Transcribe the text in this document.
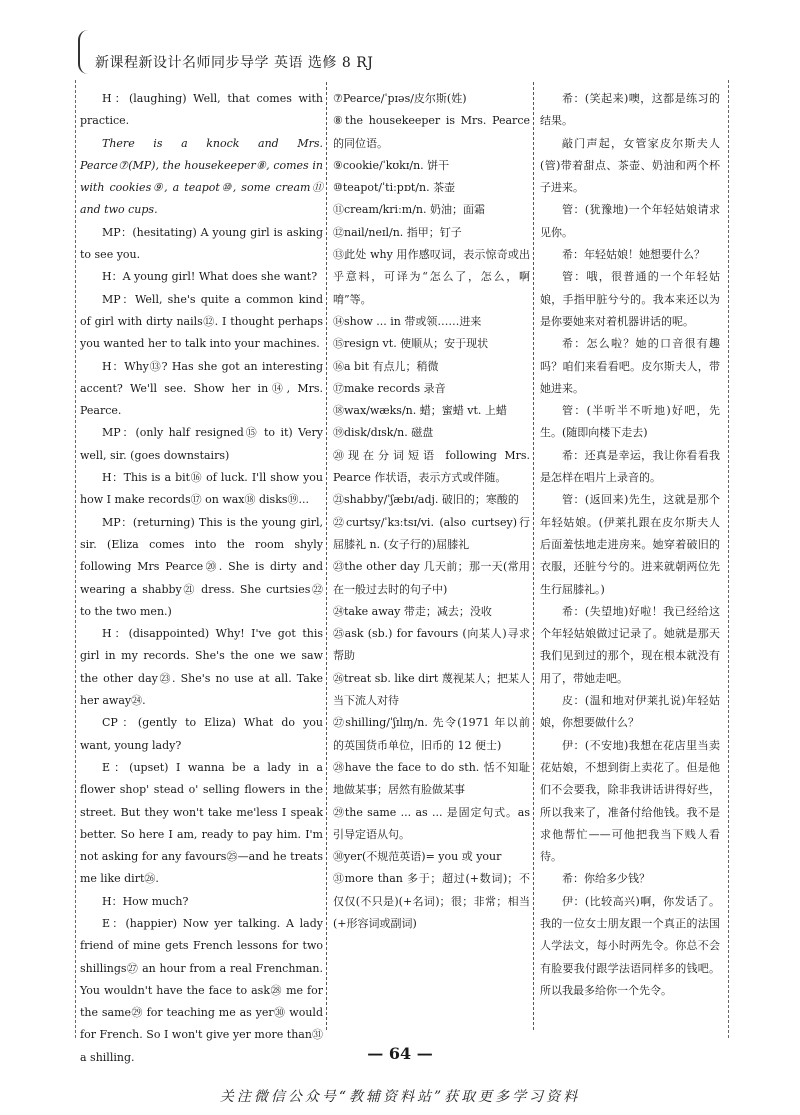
新课程新设计名师同步导学 英语 选修 8 RJ

H：(laughing) Well, that comes with practice.

There is a knock and Mrs. Pearce⑦(MP), the housekeeper⑧, comes in with cookies⑨, a teapot⑩, some cream⑪ and two cups.

MP：(hesitating) A young girl is asking to see you.

H：A young girl! What does she want?

MP：Well, she's quite a common kind of girl with dirty nails⑫. I thought perhaps you wanted her to talk into your machines.

H：Why⑬? Has she got an interesting accent? We'll see. Show her in⑭, Mrs. Pearce.

MP：(only half resigned⑮ to it) Very well, sir. (goes downstairs)

H：This is a bit⑯ of luck. I'll show you how I make records⑰ on wax⑱ disks⑲...

MP：(returning) This is the young girl, sir. (Eliza comes into the room shyly following Mrs Pearce⑳. She is dirty and wearing a shabby㉑ dress. She curtsies㉒ to the two men.)

H：(disappointed) Why! I've got this girl in my records. She's the one we saw the other day㉓. She's no use at all. Take her away㉔.

CP：(gently to Eliza) What do you want, young lady?

E：(upset) I wanna be a lady in a flower shop' stead o' selling flowers in the street. But they won't take me'less I speak better. So here I am, ready to pay him. I'm not asking for any favours㉕—and he treats me like dirt㉖.

H：How much?

E：(happier) Now yer talking. A lady friend of mine gets French lessons for two shillings㉗ an hour from a real Frenchman. You wouldn't have the face to ask㉘ me for the same㉙ for teaching me as yer㉚ would for French. So I won't give yer more than㉛ a shilling.

⑦Pearce/ˈpɪəs/皮尔斯(姓)

⑧the housekeeper is Mrs. Pearce 的同位语。

⑨cookie/ˈkʊkɪ/n. 饼干

⑩teapot/ˈtiːpɒt/n. 茶壶

⑪cream/kriːm/n. 奶油；面霜

⑫nail/neɪl/n. 指甲；钉子

⑬此处 why 用作感叹词，表示惊奇或出乎意料，可译为“怎么了，怎么，啊唷”等。

⑭show ... in 带或领……进来

⑮resign vt. 使顺从；安于现状

⑯a bit 有点儿；稍微

⑰make records 录音

⑱wax/wæks/n. 蜡；蜜蜡 vt. 上蜡

⑲disk/dɪsk/n. 磁盘

⑳现在分词短语 following Mrs. Pearce 作状语，表示方式或伴随。

㉑shabby/ˈʃæbɪ/adj. 破旧的；寒酸的

㉒curtsy/ˈkɜːtsɪ/vi. (also curtsey)行屈膝礼 n. (女子行的)屈膝礼

㉓the other day 几天前；那一天(常用在一般过去时的句子中)

㉔take away 带走；减去；没收

㉕ask (sb.) for favours (向某人)寻求帮助

㉖treat sb. like dirt 蔑视某人；把某人当下流人对待

㉗shilling/ˈʃɪlɪŋ/n. 先令(1971 年以前的英国货币单位，旧币的 12 便士)

㉘have the face to do sth. 恬不知耻地做某事；居然有脸做某事

㉙the same ... as ... 是固定句式。as 引导定语从句。

㉚yer(不规范英语)= you 或 your

㉛more than 多于；超过(+数词)；不仅仅(不只是)(+名词)；很；非常；相当(+形容词或副词)

希：(笑起来)噢，这都是练习的结果。

敲门声起，女管家皮尔斯夫人(管)带着甜点、茶壶、奶油和两个杯子进来。

管：(犹豫地)一个年轻姑娘请求见你。

希：年轻姑娘！她想要什么？

管：哦，很普通的一个年轻姑娘，手指甲脏兮兮的。我本来还以为是你要她来对着机器讲话的呢。

希：怎么啦？她的口音很有趣吗？咱们来看看吧。皮尔斯夫人，带她进来。

管：(半听半不听地)好吧，先生。(随即向楼下走去)

希：还真是幸运，我让你看看我是怎样在唱片上录音的。

管：(返回来)先生，这就是那个年轻姑娘。(伊莱扎跟在皮尔斯夫人后面羞怯地走进房来。她穿着破旧的衣服，还脏兮兮的。进来就朝两位先生行屈膝礼。)

希：(失望地)好啦！我已经给这个年轻姑娘做过记录了。她就是那天我们见到过的那个，现在根本就没有用了，带她走吧。

皮：(温和地对伊莱扎说)年轻姑娘，你想要做什么？

伊：(不安地)我想在花店里当卖花姑娘，不想到街上卖花了。但是他们不会要我，除非我讲话讲得好些，所以我来了，准备付给他钱。我不是求他帮忙——可他把我当下贱人看待。

希：你给多少钱？

伊：(比较高兴)啊，你发话了。我的一位女士朋友跟一个真正的法国人学法文，每小时两先令。你总不会有脸要我付跟学法语同样多的钱吧。所以我最多给你一个先令。

— 64 —
关注微信公众号“教辅资料站”获取更多学习资料
